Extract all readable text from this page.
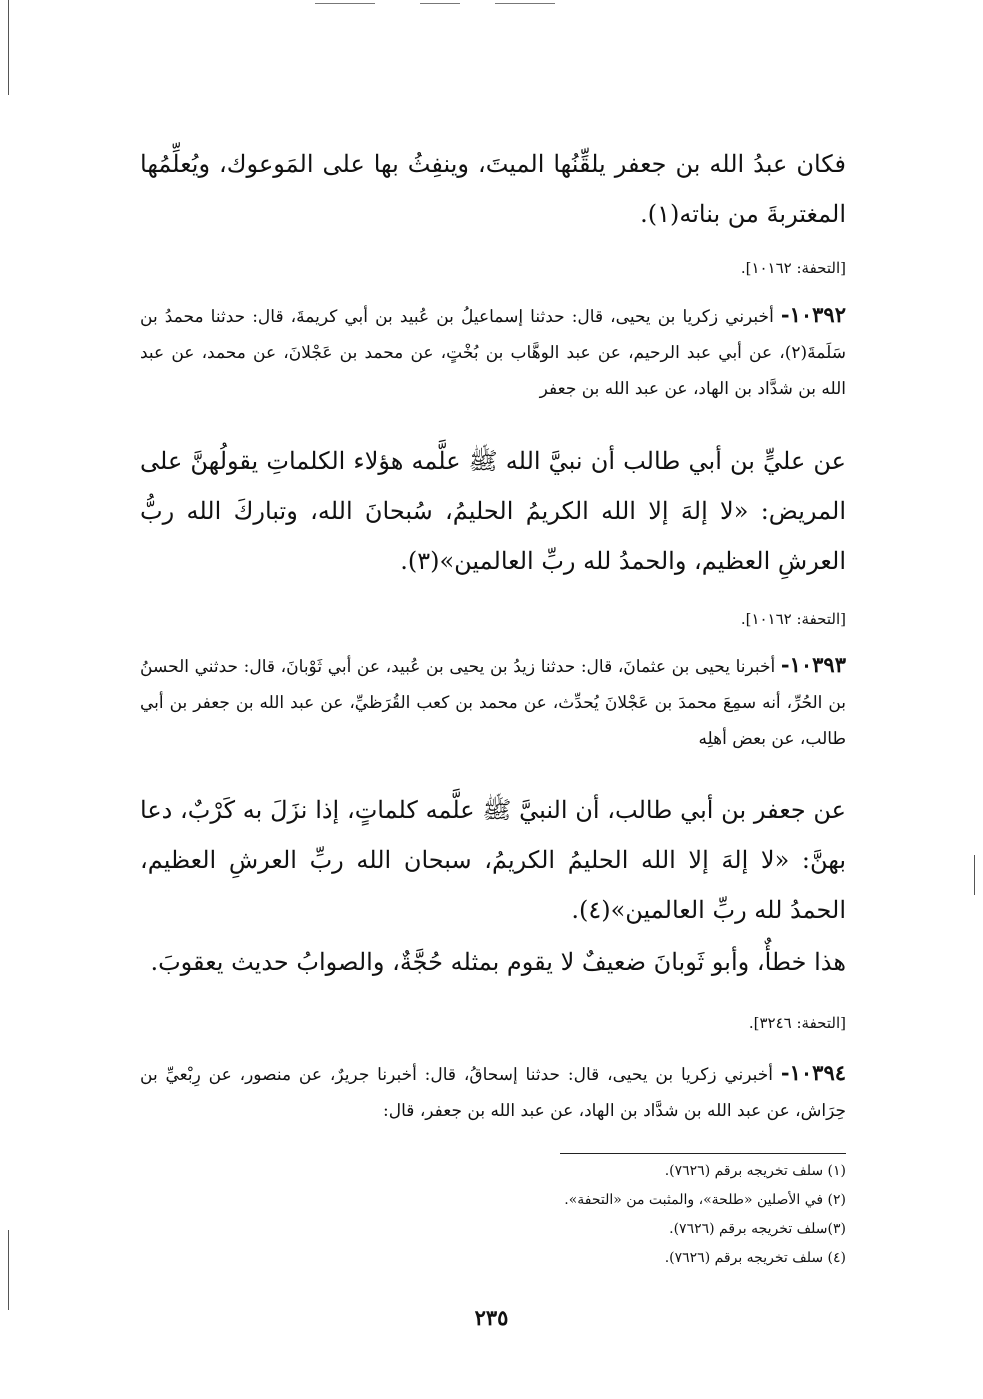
فكان عبدُ الله بن جعفر يلقِّنُها الميتَ، وينفِثُ بها على المَوعوك، ويُعلِّمُها المغتربةَ من بناته(١).
[التحفة: ١٠١٦٢].
١٠٣٩٢- أخبرني زكريا بن يحيى، قال: حدثنا إسماعيلُ بن عُبيد بن أبي كريمةَ، قال: حدثنا محمدُ بن سَلَمةَ(٢)، عن أبي عبد الرحيم، عن عبد الوهَّاب بن بُخْتٍ، عن محمد بن عَجْلانَ، عن محمد، عن عبد الله بن شدَّاد بن الهاد، عن عبد الله بن جعفر
عن عليٍّ بن أبي طالب أن نبيَّ الله ﷺ علَّمه هؤلاء الكلماتِ يقولُهنَّ على المريض: «لا إلهَ إلا الله الكريمُ الحليمُ، سُبحانَ الله، وتباركَ الله ربُّ العرشِ العظيم، والحمدُ لله ربِّ العالمين»(٣).
[التحفة: ١٠١٦٢].
١٠٣٩٣- أخبرنا يحيى بن عثمانَ، قال: حدثنا زيدُ بن يحيى بن عُبيد، عن أبي ثَوْبانَ، قال: حدثني الحسنُ بن الحُرِّ، أنه سمِعَ محمدَ بن عَجْلانَ يُحدِّث، عن محمد بن كعب القُرَظيِّ، عن عبد الله بن جعفر بن أبي طالب، عن بعض أهلِه
عن جعفر بن أبي طالب، أن النبيَّ ﷺ علَّمه كلماتٍ، إذا نزَلَ به كَرْبٌ، دعا بهنَّ: «لا إلهَ إلا الله الحليمُ الكريمُ، سبحان الله ربِّ العرشِ العظيم، الحمدُ لله ربِّ العالمين»(٤).
هذا خطأٌ، وأبو ثَوبانَ ضعيفٌ لا يقوم بمثله حُجَّةٌ، والصوابُ حديث يعقوبَ.
[التحفة: ٣٢٤٦].
١٠٣٩٤- أخبرني زكريا بن يحيى، قال: حدثنا إسحاقُ، قال: أخبرنا جريرٌ، عن منصور، عن رِبْعيِّ بن حِرَاش، عن عبد الله بن شدَّاد بن الهاد، عن عبد الله بن جعفر، قال:
(١) سلف تخريجه برقم (٧٦٢٦).
(٢) في الأصلين «طلحة»، والمثبت من «التحفة».
(٣)سلف تخريجه برقم (٧٦٢٦).
(٤) سلف تخريجه برقم (٧٦٢٦).
٢٣٥
